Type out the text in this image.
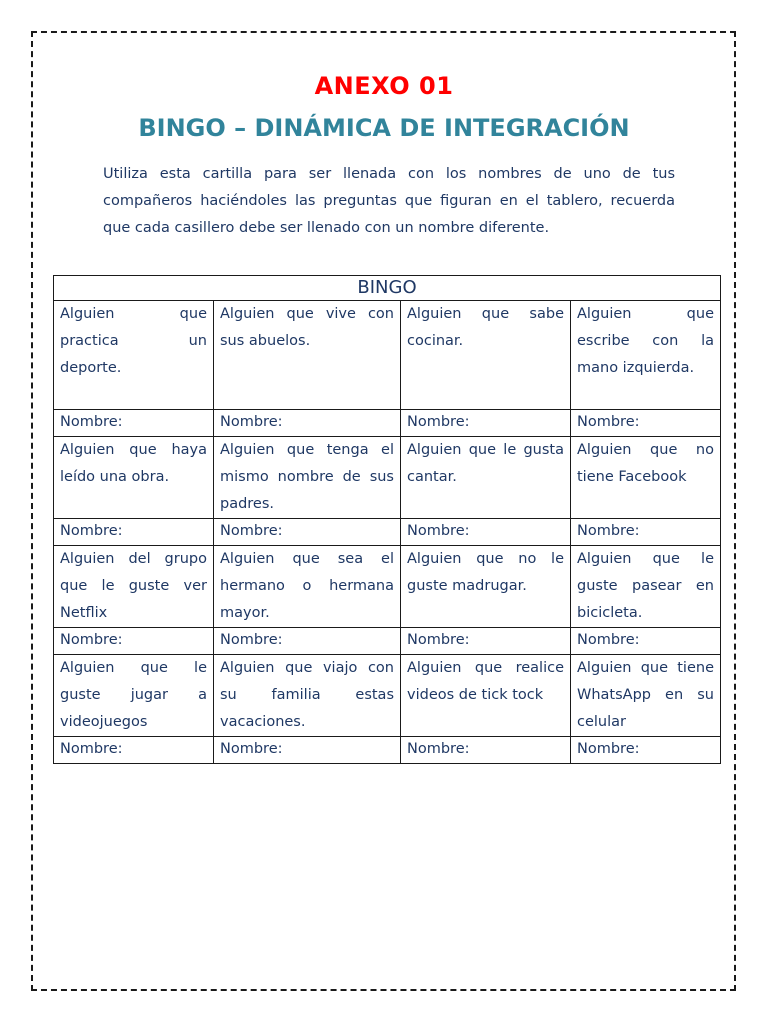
ANEXO 01
BINGO – DINÁMICA DE INTEGRACIÓN

Utiliza esta cartilla para ser llenada con los nombres de uno de tus compañeros haciéndoles las preguntas que figuran en el tablero, recuerda que cada casillero debe ser llenado con un nombre diferente.

BINGO			
Alguien que practica un deporte.	Alguien que vive con sus abuelos.	Alguien que sabe cocinar.	Alguien que escribe con la mano izquierda.
Nombre:	Nombre:	Nombre:	Nombre:
Alguien que haya leído una obra.	Alguien que tenga el mismo nombre de sus padres.	Alguien que le gusta cantar.	Alguien que no tiene Facebook
Nombre:	Nombre:	Nombre:	Nombre:
Alguien del grupo que le guste ver Netflix	Alguien que sea el hermano o hermana mayor.	Alguien que no le guste madrugar.	Alguien que le guste pasear en bicicleta.
Nombre:	Nombre:	Nombre:	Nombre:
Alguien que le guste jugar a videojuegos	Alguien que viajo con su familia estas vacaciones.	Alguien que realice videos de tick tock	Alguien que tiene WhatsApp en su celular
Nombre:	Nombre:	Nombre:	Nombre:
